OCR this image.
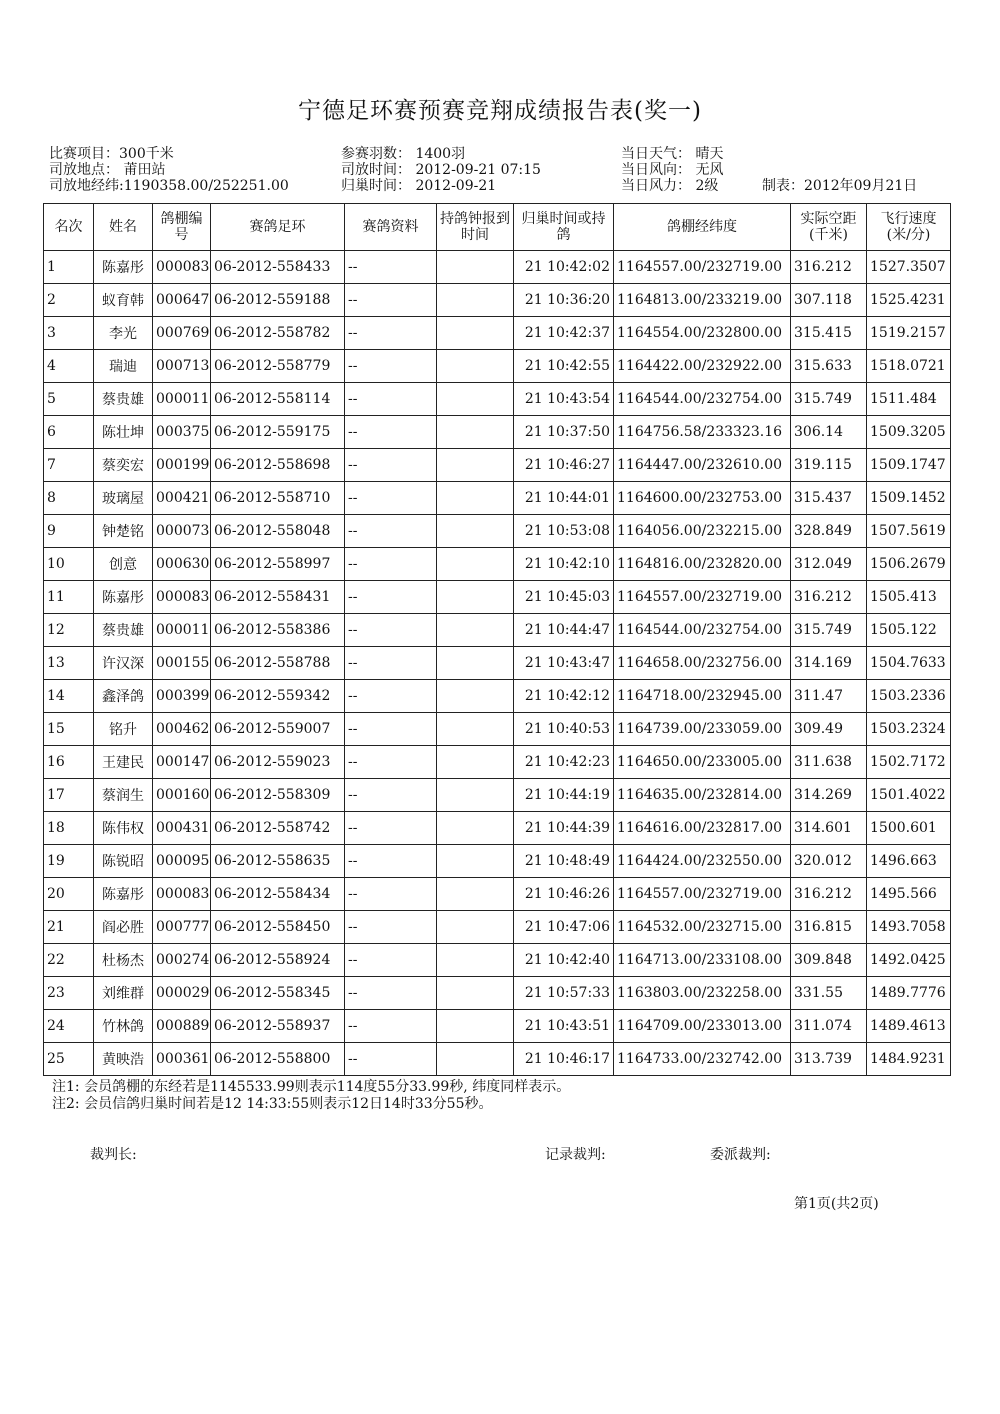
宁德足环赛预赛竞翔成绩报告表(奖一)
比赛项目：300千米
司放地点： 莆田站
司放地经纬:1190358.00/252251.00
参赛羽数： 1400羽
司放时间： 2012-09-21 07:15
归巢时间： 2012-09-21
当日天气： 晴天
当日风向： 无风
当日风力： 2级	制表：2012年09月21日
名次	姓名	鸽棚编号	赛鸽足环	赛鸽资料	持鸽钟报到时间	归巢时间或持鸽	鸽棚经纬度	实际空距(千米)	飞行速度(米/分)
1	陈嘉彤	000083	06-2012-558433	--		21 10:42:02	1164557.00/232719.00	316.212	1527.3507
2	蚁育韩	000647	06-2012-559188	--		21 10:36:20	1164813.00/233219.00	307.118	1525.4231
3	李光	000769	06-2012-558782	--		21 10:42:37	1164554.00/232800.00	315.415	1519.2157
4	瑞迪	000713	06-2012-558779	--		21 10:42:55	1164422.00/232922.00	315.633	1518.0721
5	蔡贵雄	000011	06-2012-558114	--		21 10:43:54	1164544.00/232754.00	315.749	1511.484
6	陈壮坤	000375	06-2012-559175	--		21 10:37:50	1164756.58/233323.16	306.14	1509.3205
7	蔡奕宏	000199	06-2012-558698	--		21 10:46:27	1164447.00/232610.00	319.115	1509.1747
8	玻璃屋	000421	06-2012-558710	--		21 10:44:01	1164600.00/232753.00	315.437	1509.1452
9	钟楚铭	000073	06-2012-558048	--		21 10:53:08	1164056.00/232215.00	328.849	1507.5619
10	创意	000630	06-2012-558997	--		21 10:42:10	1164816.00/232820.00	312.049	1506.2679
11	陈嘉彤	000083	06-2012-558431	--		21 10:45:03	1164557.00/232719.00	316.212	1505.413
12	蔡贵雄	000011	06-2012-558386	--		21 10:44:47	1164544.00/232754.00	315.749	1505.122
13	许汉深	000155	06-2012-558788	--		21 10:43:47	1164658.00/232756.00	314.169	1504.7633
14	鑫泽鸽	000399	06-2012-559342	--		21 10:42:12	1164718.00/232945.00	311.47	1503.2336
15	铭升	000462	06-2012-559007	--		21 10:40:53	1164739.00/233059.00	309.49	1503.2324
16	王建民	000147	06-2012-559023	--		21 10:42:23	1164650.00/233005.00	311.638	1502.7172
17	蔡润生	000160	06-2012-558309	--		21 10:44:19	1164635.00/232814.00	314.269	1501.4022
18	陈伟权	000431	06-2012-558742	--		21 10:44:39	1164616.00/232817.00	314.601	1500.601
19	陈锐昭	000095	06-2012-558635	--		21 10:48:49	1164424.00/232550.00	320.012	1496.663
20	陈嘉彤	000083	06-2012-558434	--		21 10:46:26	1164557.00/232719.00	316.212	1495.566
21	阎必胜	000777	06-2012-558450	--		21 10:47:06	1164532.00/232715.00	316.815	1493.7058
22	杜杨杰	000274	06-2012-558924	--		21 10:42:40	1164713.00/233108.00	309.848	1492.0425
23	刘维群	000029	06-2012-558345	--		21 10:57:33	1163803.00/232258.00	331.55	1489.7776
24	竹林鸽	000889	06-2012-558937	--		21 10:43:51	1164709.00/233013.00	311.074	1489.4613
25	黄映浩	000361	06-2012-558800	--		21 10:46:17	1164733.00/232742.00	313.739	1484.9231
注1: 会员鸽棚的东经若是1145533.99则表示114度55分33.99秒, 纬度同样表示。
注2: 会员信鸽归巢时间若是12 14:33:55则表示12日14时33分55秒。
裁判长:	记录裁判:	委派裁判:
第1页(共2页)
